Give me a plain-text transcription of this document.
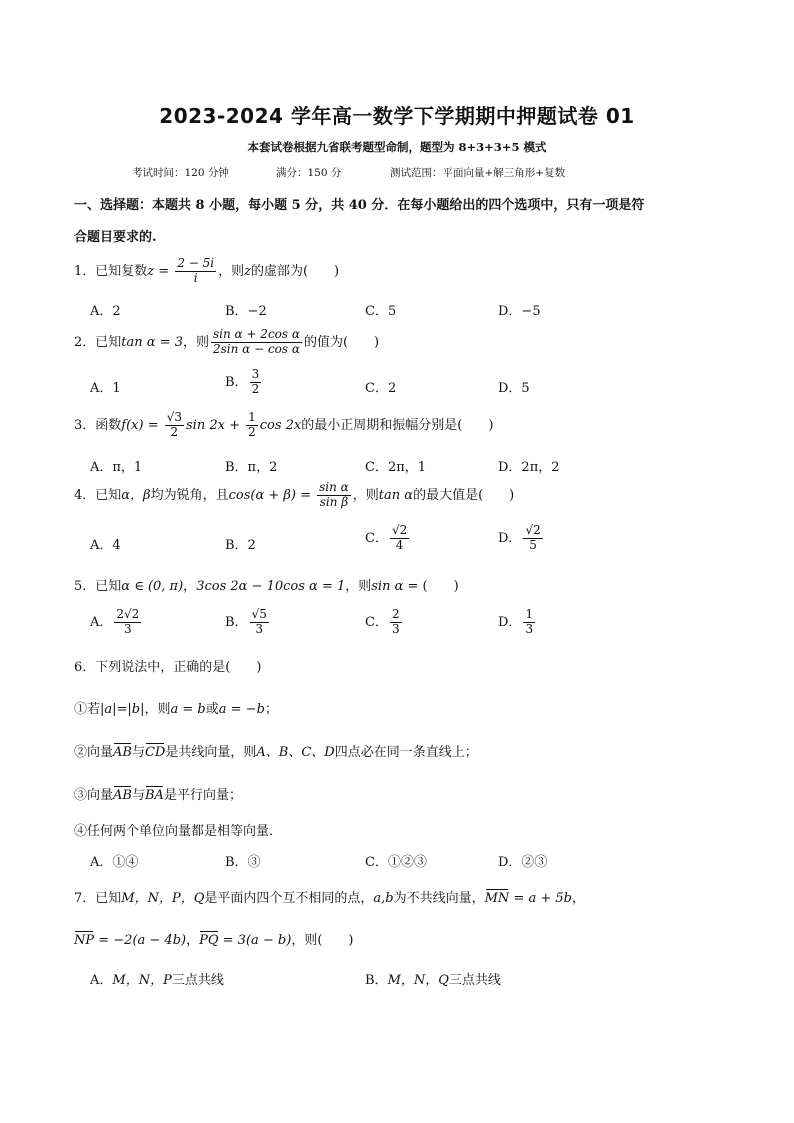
2023-2024 学年高一数学下学期期中押题试卷 01
本套试卷根据九省联考题型命制，题型为 8+3+3+5 模式
考试时间：120 分钟	满分：150 分	测试范围：平面向量+解三角形+复数
一、选择题：本题共 8 小题，每小题 5 分，共 40 分．在每小题给出的四个选项中，只有一项是符
合题目要求的.
1．已知复数$z = \frac{2 - 5i}{i}$ ，则z的虚部为(　　)
A．2	B．−2	C．5	D．−5
2．已知tan α = 3，则 $\frac{\text{sin α + 2cos α}}{\text{2sin α − cos α}}$ 的值为(　　)
A．1	B． $\frac{3}{2}$	C．2	D．5
3．函数$f(x) = \frac{√3}{2}$ $\sin 2x + \frac{1}{2}$ cos 2x的最小正周期和振幅分别是(　　)
A．π，1	B．π，2	C．2π，1	D．2π，2
4．已知α，β均为锐角，且$\cos(\alpha + \beta) = \frac{\text{sin α}}{\text{sin β}}$ ，则tan α的最大值是(　　)
A．4	B．2	C． $\frac{√2}{4}$	D． $\frac{√2}{5}$
5．已知α ∈ (0, π)，3cos 2α − 10cos α = 1，则sin α = (　　)
A． $\frac{2√2}{3}$	B． $\frac{√5}{3}$	C． $\frac{2}{3}$	D． $\frac{1}{3}$
6．下列说法中，正确的是(　　)
①若|a|=|b|，则a = b或a = −b；
②向量AB与CD是共线向量，则A、B、C、D四点必在同一条直线上；
③向量AB与BA是平行向量；
④任何两个单位向量都是相等向量．
A．①④	B．③	C．①②③	D．②③
7．已知M，N，P，Q是平面内四个互不相同的点，a,b为不共线向量，MN = a + 5b，
NP = −2(a − 4b)，PQ = 3(a − b)，则(　　)
A．M，N，P三点共线	B．M，N，Q三点共线
